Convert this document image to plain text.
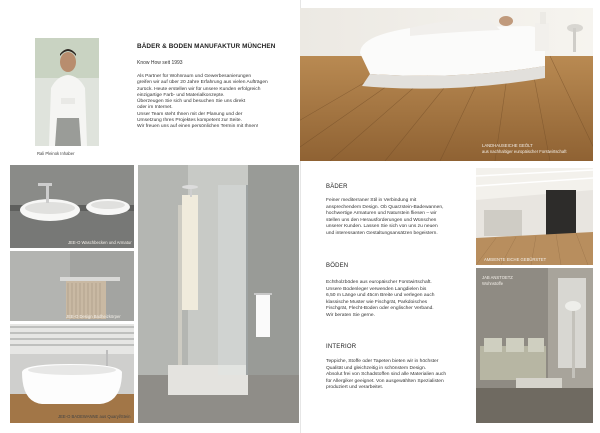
Rali Pleinok Inhaber
BÄDER & BODEN MANUFAKTUR MÜNCHEN
Know How seit 1993
Als Partner für Wohnraum und Gewerbesanierungen
greifen wir auf über 20 Jahre Erfahrung aus vielen Aufträgen
zurück. Heute erstellen wir für unsere Kunden erfolgreich
einzigartige Farb- und Materialkonzepte.
Überzeugen Sie sich und besuchen Sie uns direkt
oder im Internet.
Unser Team steht Ihnen mit der Planung und der
Umsetzung Ihres Projektes kompetent zur Seite.
Wir freuen uns auf einen persönlichen Termin mit Ihnen!
LANDHAUSEICHE GEÖLT
aus nachhaltiger europäischer Forstwirtschaft
JEE-O Waschbecken und Armatur
JEE-O Design Badheizkörper
JEE-O BADEWANNE aus Quaryl/Stein
AMBIENTE EICHE GEBÜRSTET
JAB ANSTOETZ
Wohnstoffe
BÄDER
Feiner mediterraner Stil in Verbindung mit
ansprechendem Design. Ob Quarzstein-Badewannen,
hochwertige Armaturen und Naturstein fliesen – wir
stellen uns den Herausforderungen und Wünschen
unserer Kunden. Lassen Sie sich von uns zu neuen
und interessanten Gestaltungsansätzen begeistern.
BÖDEN
Echtholzböden aus europäischer Forstwirtschaft.
Unsere Bodenleger verwenden Langdielen bis
6,50 m Länge und 45cm Breite und verlegen auch
klassische Muster wie Fischgrät, Parkdoisches
Fischgrät, Flecht-Boden oder englischer Verband.
Wir beraten Sie gerne.
INTERIOR
Teppiche, Stoffe oder Tapeten bieten wir in höchster
Qualität und gleichzeitig in schönstem Design.
Absolut frei von Schadstoffen sind alle Materialien auch
für Allergiker geeignet. Von ausgewählten Spezialisten
produziert und verarbeitet.
